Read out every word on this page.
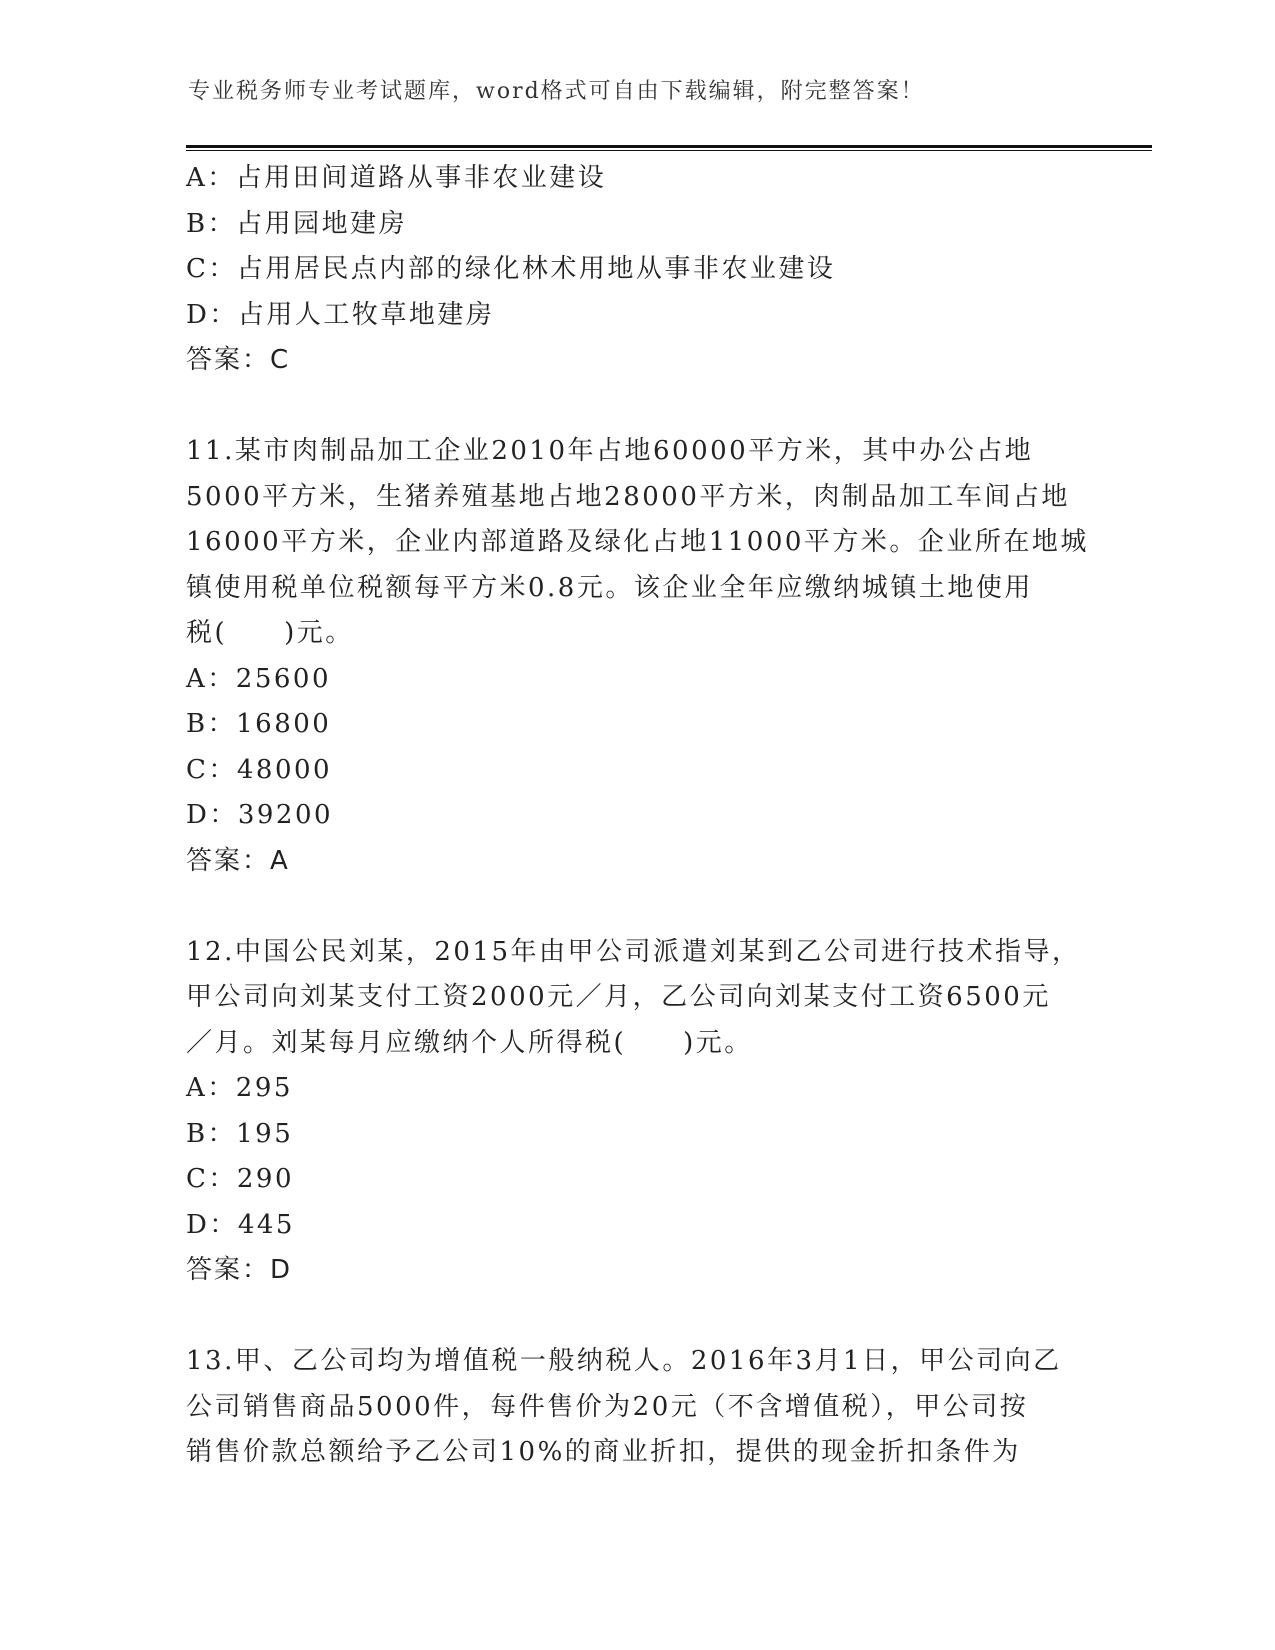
专业税务师专业考试题库，word格式可自由下载编辑，附完整答案！
A：占用田间道路从事非农业建设
B：占用园地建房
C：占用居民点内部的绿化林术用地从事非农业建设
D：占用人工牧草地建房
答案：C
11.某市肉制品加工企业2010年占地60000平方米，其中办公占地
5000平方米，生猪养殖基地占地28000平方米，肉制品加工车间占地
16000平方米，企业内部道路及绿化占地11000平方米。企业所在地城
镇使用税单位税额每平方米0.8元。该企业全年应缴纳城镇土地使用
税(　　)元。
A：25600
B：16800
C：48000
D：39200
答案：A
12.中国公民刘某，2015年由甲公司派遣刘某到乙公司进行技术指导，
甲公司向刘某支付工资2000元／月，乙公司向刘某支付工资6500元
／月。刘某每月应缴纳个人所得税(　　)元。
A：295
B：195
C：290
D：445
答案：D
13.甲、乙公司均为增值税一般纳税人。2016年3月1日，甲公司向乙
公司销售商品5000件，每件售价为20元（不含增值税），甲公司按
销售价款总额给予乙公司10%的商业折扣，提供的现金折扣条件为
